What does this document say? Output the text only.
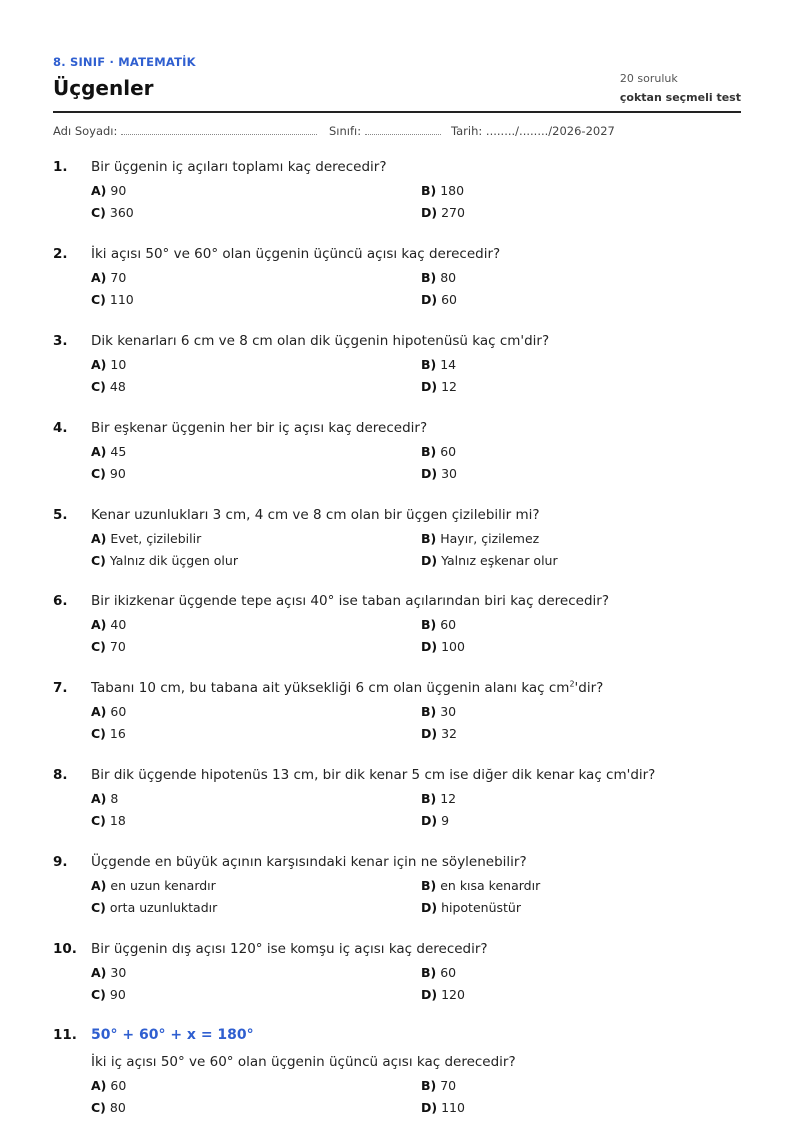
8. SINIF · MATEMATİK
Üçgenler	20 soruluk
çoktan seçmeli test
Adı Soyadı:	Sınıfı:	Tarih: ......../......../2026-2027
1. Bir üçgenin iç açıları toplamı kaç derecedir?
A) 90	B) 180
C) 360	D) 270
2. İki açısı 50° ve 60° olan üçgenin üçüncü açısı kaç derecedir?
A) 70	B) 80
C) 110	D) 60
3. Dik kenarları 6 cm ve 8 cm olan dik üçgenin hipotenüsü kaç cm'dir?
A) 10	B) 14
C) 48	D) 12
4. Bir eşkenar üçgenin her bir iç açısı kaç derecedir?
A) 45	B) 60
C) 90	D) 30
5. Kenar uzunlukları 3 cm, 4 cm ve 8 cm olan bir üçgen çizilebilir mi?
A) Evet, çizilebilir	B) Hayır, çizilemez
C) Yalnız dik üçgen olur	D) Yalnız eşkenar olur
6. Bir ikizkenar üçgende tepe açısı 40° ise taban açılarından biri kaç derecedir?
A) 40	B) 60
C) 70	D) 100
7. Tabanı 10 cm, bu tabana ait yüksekliği 6 cm olan üçgenin alanı kaç $cm^2'dir$?
A) 60	B) 30
C) 16	D) 32
8. Bir dik üçgende hipotenüs 13 cm, bir dik kenar 5 cm ise diğer dik kenar kaç cm'dir?
A) 8	B) 12
C) 18	D) 9
9. Üçgende en büyük açının karşısındaki kenar için ne söylenebilir?
A) en uzun kenardır	B) en kısa kenardır
C) orta uzunluktadır	D) hipotenüstür
10. Bir üçgenin dış açısı 120° ise komşu iç açısı kaç derecedir?
A) 30	B) 60
C) 90	D) 120
11. 50° + 60° + x = 180°
İki iç açısı 50° ve 60° olan üçgenin üçüncü açısı kaç derecedir?
A) 60	B) 70
C) 80	D) 110
